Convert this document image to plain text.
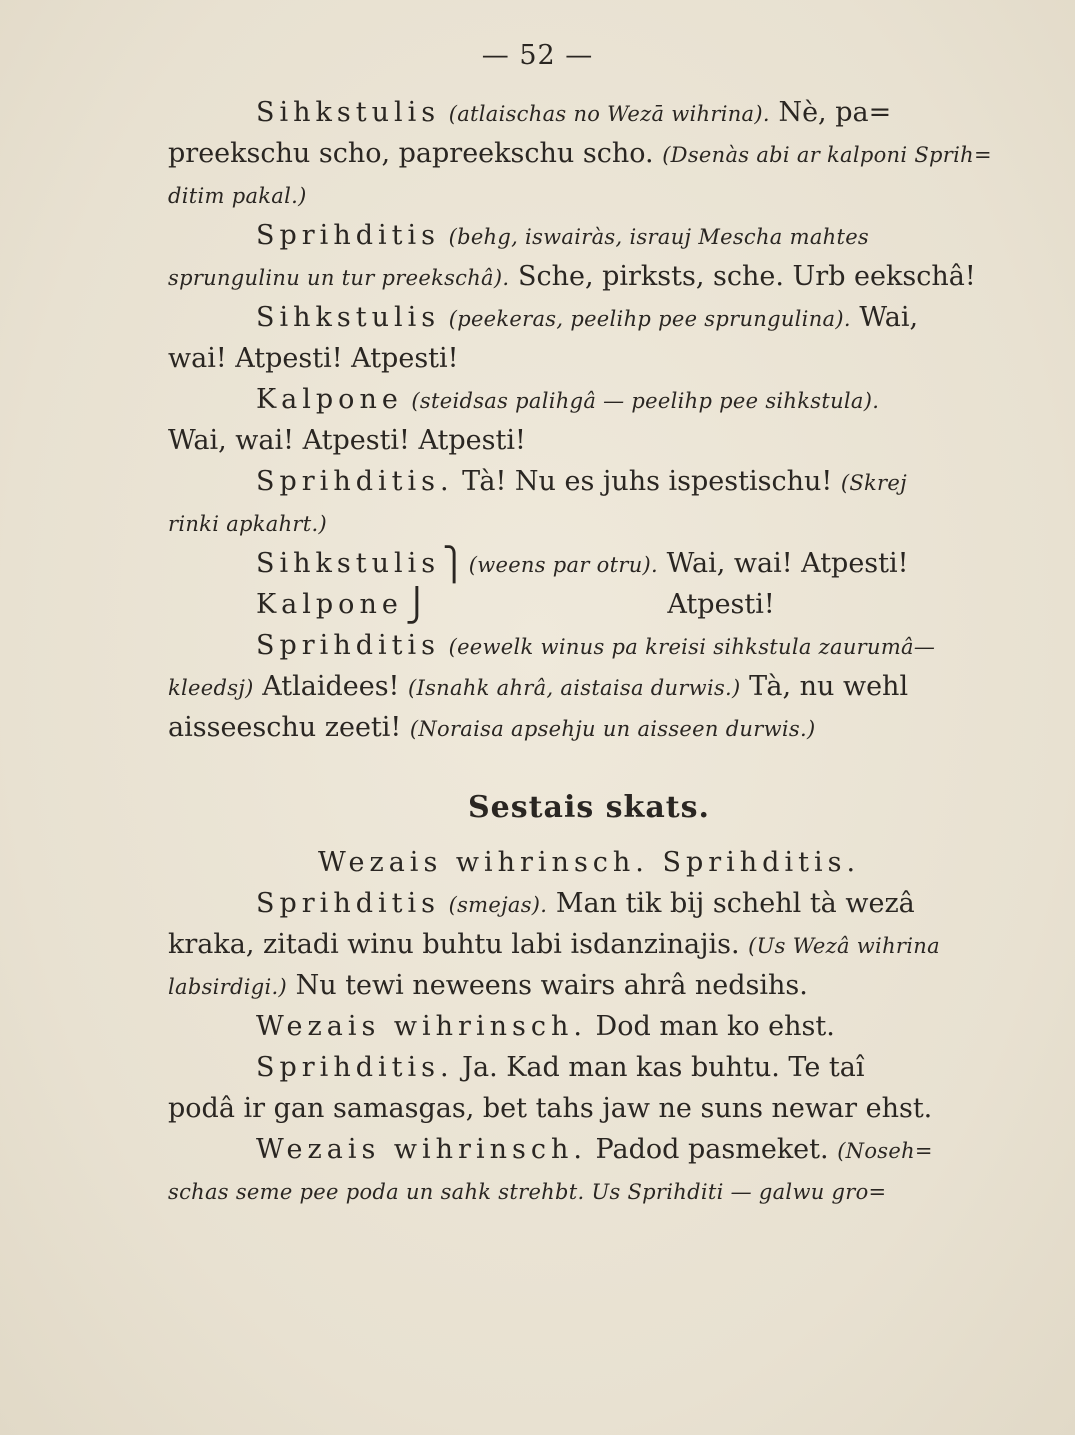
— 52 —
Sihkstulis (atlaischas no Wezā wihrina). Nè, pa=
preekschu scho, papreekschu scho. (Dsenàs abi ar kalponi Sprih=
ditim pakal.)
Sprihditis (behg, iswairàs, israuj Mescha mahtes
sprungulinu un tur preekschâ). Sche, pirksts, sche. Urb eekschâ!
Sihkstulis (peekeras, peelihp pee sprungulina). Wai,
wai! Atpesti! Atpesti!
Kalpone (steidsas palihgâ — peelihp pee sihkstula).
Wai, wai! Atpesti! Atpesti!
Sprihditis. Tà! Nu es juhs ispestischu! (Skrej
rinki apkahrt.)
Sihkstulis⎫ (weens par otru). Wai, wai! Atpesti!
Kalpone⎭	Atpesti!
Sprihditis (eewelk winus pa kreisi sihkstula zaurumâ—
kleedsj) Atlaidees! (Isnahk ahrâ, aistaisa durwis.) Tà, nu wehl
aisseeschu zeeti! (Noraisa apsehju un aisseen durwis.)
Sestais skats.
Wezais wihrinsch. Sprihditis.
Sprihditis (smejas). Man tik bij schehl tà wezâ
kraka, zitadi winu buhtu labi isdanzinajis. (Us Wezâ wihrina
labsirdigi.) Nu tewi neweens wairs ahrâ nedsihs.
Wezais wihrinsch. Dod man ko ehst.
Sprihditis. Ja. Kad man kas buhtu. Te taî
podâ ir gan samasgas, bet tahs jaw ne suns newar ehst.
Wezais wihrinsch. Padod pasmeket. (Noseh=
schas seme pee poda un sahk strehbt. Us Sprihditi — galwu gro=
